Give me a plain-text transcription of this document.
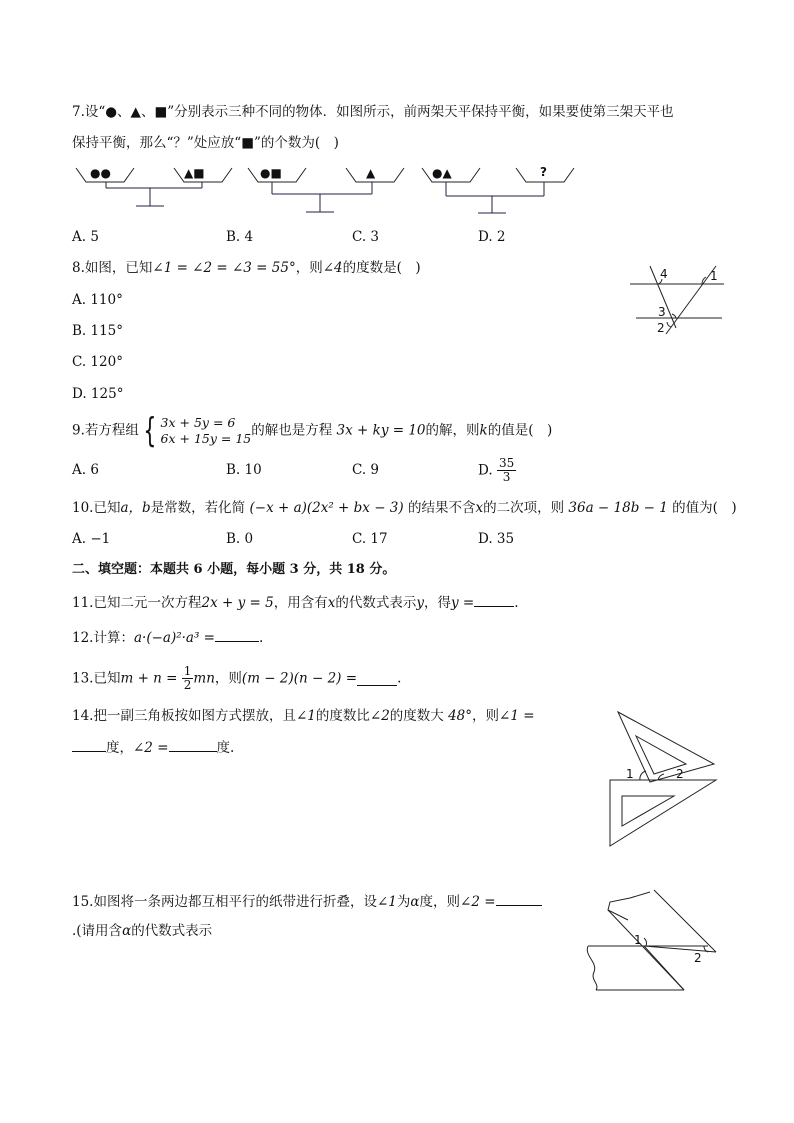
7.设“●、▲、■”分别表示三种不同的物体．如图所示，前两架天平保持平衡，如果要使第三架天平也
保持平衡，那么“？”处应放“■”的个数为(　)
●●	▲■	●■	▲	●▲	?
A. 5	B. 4	C. 3	D. 2
8.如图，已知∠1 = ∠2 = ∠3 = 55°，则∠4的度数是(　)
A. 110°
B. 115°
C. 120°
D. 125°
4	1
3
2
9.若方程组 { 3x + 5y = 6
6x + 15y = 15 的解也是方程 3x + ky = 10的解，则k的值是(　)
A. 6	B. 10	C. 9	D. $\frac{35}{3}$
10.已知a，b是常数，若化简 (−x + a)(2x² + bx − 3) 的结果不含x的二次项，则 36a − 18b − 1 的值为(　)
A. −1	B. 0	C. 17	D. 35
二、填空题：本题共 6 小题，每小题 3 分，共 18 分。
11.已知二元一次方程2x + y = 5，用含有x的代数式表示y，得y =	.
12.计算：a·(−a)²·a³ =	.
13.已知$m + n = \frac{1}{2}$ mn，则(m − 2)(n − 2) =	.
14.把一副三角板按如图方式摆放，且∠1的度数比∠2的度数大 48°，则∠1 =
度，∠2 =	度.
1	2
15.如图将一条两边都互相平行的纸带进行折叠，设∠1为α度，则∠2 =
.(请用含α的代数式表示
1
2
